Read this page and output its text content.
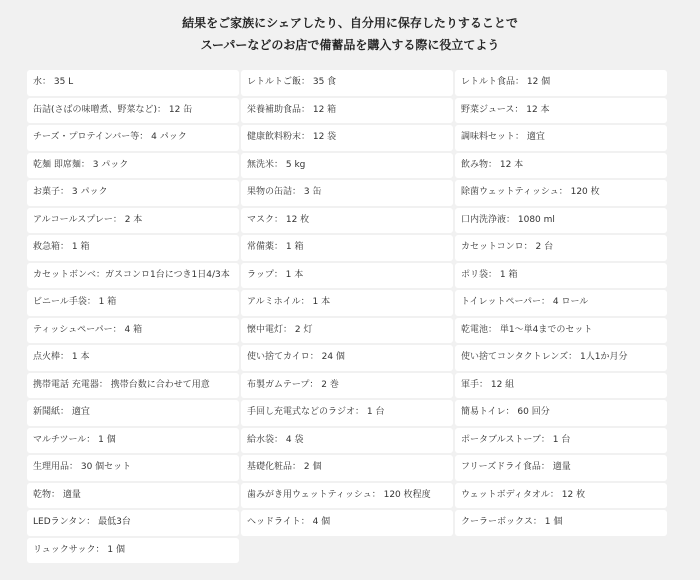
結果をご家族にシェアしたり、自分用に保存したりすることで
スーパーなどのお店で備蓄品を購入する際に役立てよう
水： 35 L	レトルトご飯： 35 食	レトルト食品： 12 個
缶詰(さばの味噌煮、野菜など)： 12 缶	栄養補助食品： 12 箱	野菜ジュース： 12 本
チーズ・プロテインバー等： 4 パック	健康飲料粉末： 12 袋	調味料セット： 適宜
乾麺 即席麺： 3 パック	無洗米： 5 kg	飲み物： 12 本
お菓子： 3 パック	果物の缶詰： 3 缶	除菌ウェットティッシュ： 120 枚
アルコールスプレー： 2 本	マスク： 12 枚	口内洗浄液： 1080 ml
救急箱： 1 箱	常備薬： 1 箱	カセットコンロ： 2 台
カセットボンベ：ガスコンロ1台につき1日4/3本	ラップ： 1 本	ポリ袋： 1 箱
ビニール手袋： 1 箱	アルミホイル： 1 本	トイレットペーパー： 4 ロール
ティッシュペーパー： 4 箱	懐中電灯： 2 灯	乾電池： 単1〜単4までのセット
点火棒： 1 本	使い捨てカイロ： 24 個	使い捨てコンタクトレンズ： 1人1か月分
携帯電話 充電器： 携帯台数に合わせて用意	布製ガムテープ： 2 巻	軍手： 12 組
新聞紙： 適宜	手回し充電式などのラジオ： 1 台	簡易トイレ： 60 回分
マルチツール： 1 個	給水袋： 4 袋	ポータブルストーブ： 1 台
生理用品： 30 個セット	基礎化粧品： 2 個	フリーズドライ食品： 適量
乾物： 適量	歯みがき用ウェットティッシュ： 120 枚程度	ウェットボディタオル： 12 枚
LEDランタン： 最低3台	ヘッドライト： 4 個	クーラーボックス： 1 個
リュックサック： 1 個
